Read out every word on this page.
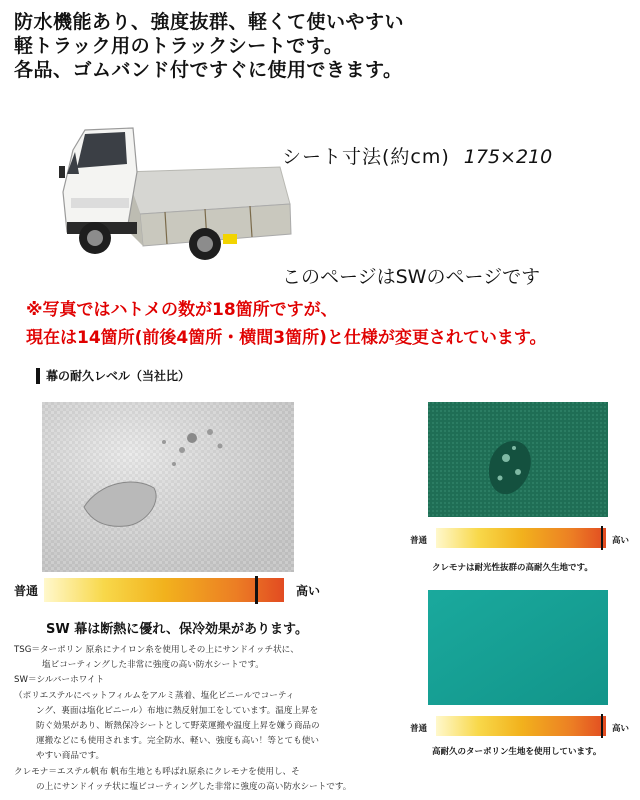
防水機能あり、強度抜群、軽くて使いやすい
軽トラック用のトラックシートです。
各品、ゴムバンド付ですぐに使用できます。
シート寸法(約cm) 175×210
このページはSWのページです
※写真ではハトメの数が18箇所ですが、
現在は14箇所(前後4箇所・横間3箇所)と仕様が変更されています。
幕の耐久レベル（当社比）
普通	高い
SW 幕は断熱に優れ、保冷効果があります。
TSG＝ターポリン 原糸にナイロン糸を使用しその上にサンドイッチ状に、
塩ビコーティングした非常に強度の高い防水シートです。
SW＝シルバーホワイト
（ポリエステルにペットフィルムをアルミ蒸着、塩化ビニールでコーティ
ング、裏面は塩化ビニール）布地に熱反射加工をしています。温度上昇を
防ぐ効果があり、断熱保冷シートとして野菜運搬や温度上昇を嫌う商品の
運搬などにも使用されます。完全防水、軽い、強度も高い！等とても使い
やすい商品です。
クレモナ＝エステル帆布 帆布生地とも呼ばれ原糸にクレモナを使用し、そ
の上にサンドイッチ状に塩ビコーティングした非常に強度の高い防水シートです。
普通	高い
クレモナは耐光性抜群の高耐久生地です。
普通	高い
高耐久のターポリン生地を使用しています。
